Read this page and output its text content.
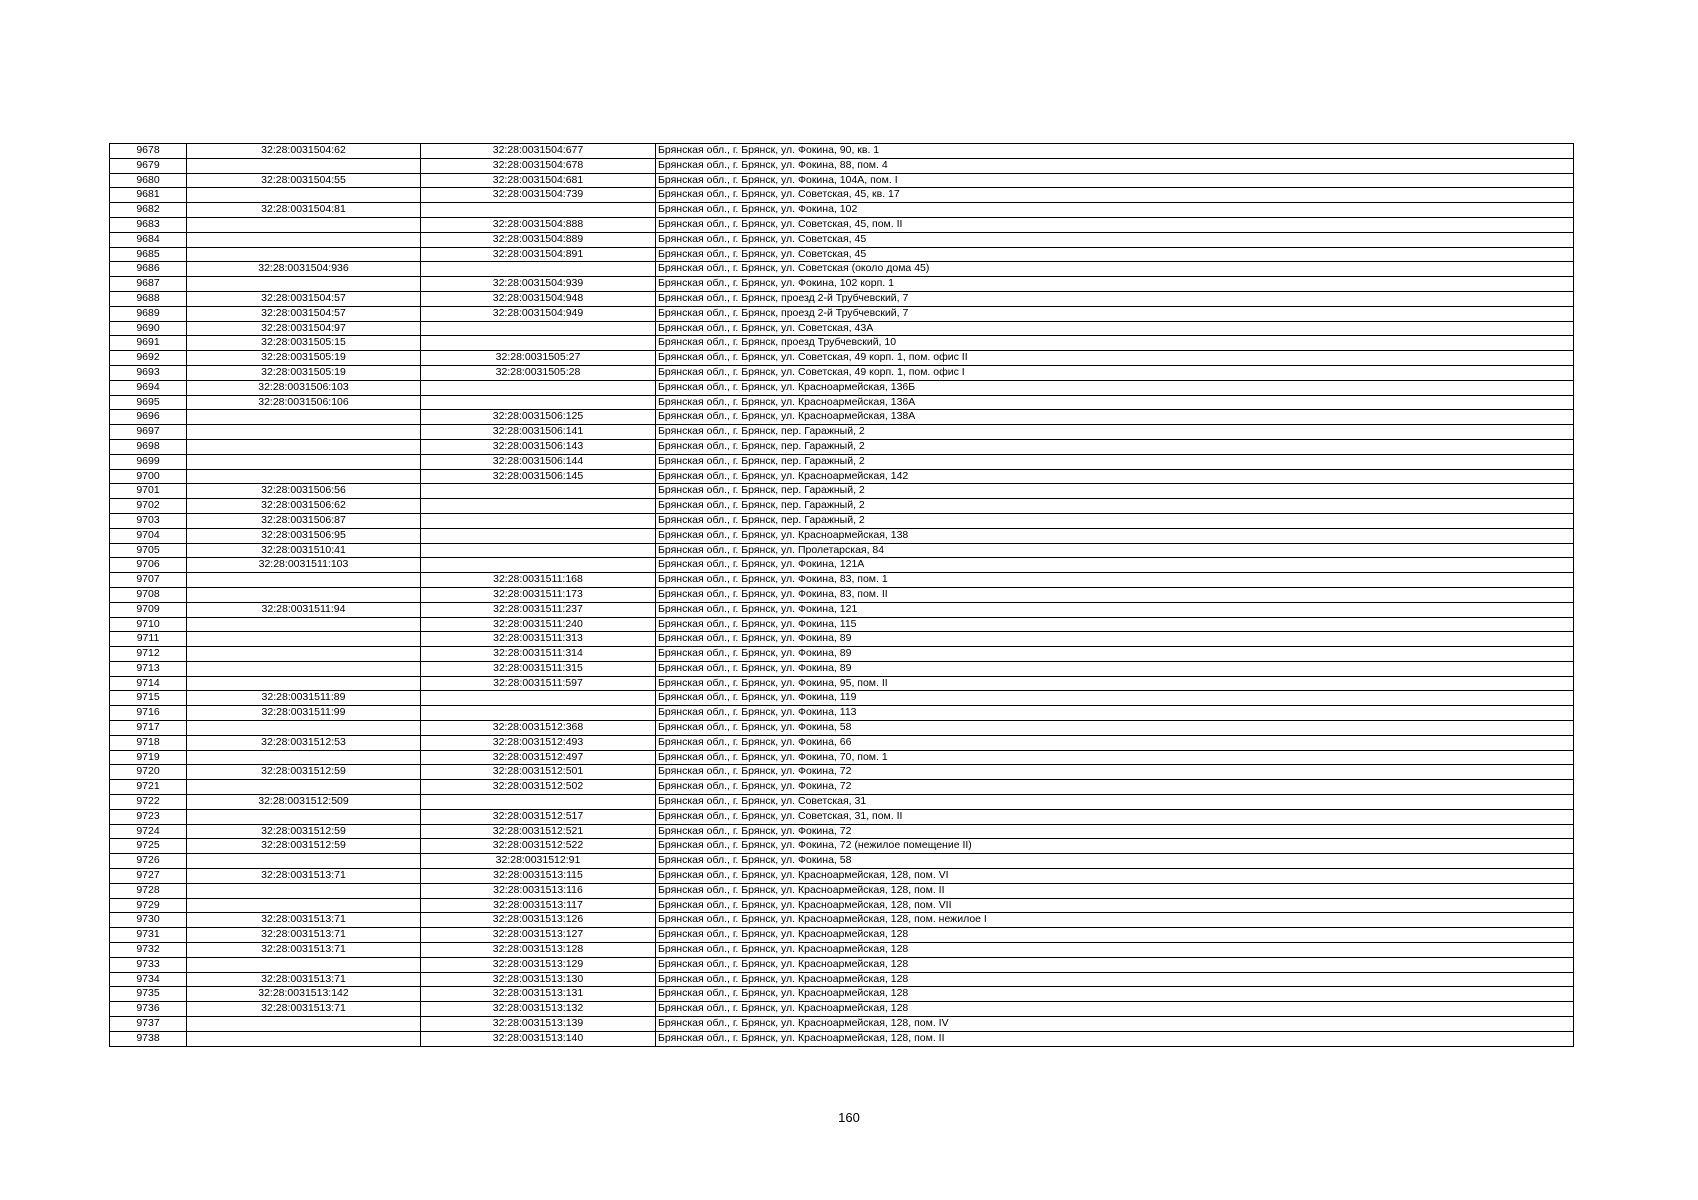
9678	32:28:0031504:62	32:28:0031504:677	Брянская обл., г. Брянск, ул. Фокина, 90, кв. 1
9679		32:28:0031504:678	Брянская обл., г. Брянск, ул. Фокина, 88, пом. 4
9680	32:28:0031504:55	32:28:0031504:681	Брянская обл., г. Брянск, ул. Фокина, 104А, пом. I
9681		32:28:0031504:739	Брянская обл., г. Брянск, ул. Советская, 45, кв. 17
9682	32:28:0031504:81		Брянская обл., г. Брянск, ул. Фокина, 102
9683		32:28:0031504:888	Брянская обл., г. Брянск, ул. Советская, 45, пом. II
9684		32:28:0031504:889	Брянская обл., г. Брянск, ул. Советская, 45
9685		32:28:0031504:891	Брянская обл., г. Брянск, ул. Советская, 45
9686	32:28:0031504:936		Брянская обл., г. Брянск, ул. Советская (около дома 45)
9687		32:28:0031504:939	Брянская обл., г. Брянск, ул. Фокина, 102 корп. 1
9688	32:28:0031504:57	32:28:0031504:948	Брянская обл., г. Брянск, проезд 2-й Трубчевский, 7
9689	32:28:0031504:57	32:28:0031504:949	Брянская обл., г. Брянск, проезд 2-й Трубчевский, 7
9690	32:28:0031504:97		Брянская обл., г. Брянск, ул. Советская, 43А
9691	32:28:0031505:15		Брянская обл., г. Брянск, проезд Трубчевский, 10
9692	32:28:0031505:19	32:28:0031505:27	Брянская обл., г. Брянск, ул. Советская, 49 корп. 1, пом. офис II
9693	32:28:0031505:19	32:28:0031505:28	Брянская обл., г. Брянск, ул. Советская, 49 корп. 1, пом. офис I
9694	32:28:0031506:103		Брянская обл., г. Брянск, ул. Красноармейская, 136Б
9695	32:28:0031506:106		Брянская обл., г. Брянск, ул. Красноармейская, 136А
9696		32:28:0031506:125	Брянская обл., г. Брянск, ул. Красноармейская, 138А
9697		32:28:0031506:141	Брянская обл., г. Брянск, пер. Гаражный, 2
9698		32:28:0031506:143	Брянская обл., г. Брянск, пер. Гаражный, 2
9699		32:28:0031506:144	Брянская обл., г. Брянск, пер. Гаражный, 2
9700		32:28:0031506:145	Брянская обл., г. Брянск, ул. Красноармейская, 142
9701	32:28:0031506:56		Брянская обл., г. Брянск, пер. Гаражный, 2
9702	32:28:0031506:62		Брянская обл., г. Брянск, пер. Гаражный, 2
9703	32:28:0031506:87		Брянская обл., г. Брянск, пер. Гаражный, 2
9704	32:28:0031506:95		Брянская обл., г. Брянск, ул. Красноармейская, 138
9705	32:28:0031510:41		Брянская обл., г. Брянск, ул. Пролетарская, 84
9706	32:28:0031511:103		Брянская обл., г. Брянск, ул. Фокина, 121А
9707		32:28:0031511:168	Брянская обл., г. Брянск, ул. Фокина, 83, пом. 1
9708		32:28:0031511:173	Брянская обл., г. Брянск, ул. Фокина, 83, пом. II
9709	32:28:0031511:94	32:28:0031511:237	Брянская обл., г. Брянск, ул. Фокина, 121
9710		32:28:0031511:240	Брянская обл., г. Брянск, ул. Фокина, 115
9711		32:28:0031511:313	Брянская обл., г. Брянск, ул. Фокина, 89
9712		32:28:0031511:314	Брянская обл., г. Брянск, ул. Фокина, 89
9713		32:28:0031511:315	Брянская обл., г. Брянск, ул. Фокина, 89
9714		32:28:0031511:597	Брянская обл., г. Брянск, ул. Фокина, 95, пом. II
9715	32:28:0031511:89		Брянская обл., г. Брянск, ул. Фокина, 119
9716	32:28:0031511:99		Брянская обл., г. Брянск, ул. Фокина, 113
9717		32:28:0031512:368	Брянская обл., г. Брянск, ул. Фокина, 58
9718	32:28:0031512:53	32:28:0031512:493	Брянская обл., г. Брянск, ул. Фокина, 66
9719		32:28:0031512:497	Брянская обл., г. Брянск, ул. Фокина, 70, пом. 1
9720	32:28:0031512:59	32:28:0031512:501	Брянская обл., г. Брянск, ул. Фокина, 72
9721		32:28:0031512:502	Брянская обл., г. Брянск, ул. Фокина, 72
9722	32:28:0031512:509		Брянская обл., г. Брянск, ул. Советская, 31
9723		32:28:0031512:517	Брянская обл., г. Брянск, ул. Советская, 31, пом. II
9724	32:28:0031512:59	32:28:0031512:521	Брянская обл., г. Брянск, ул. Фокина, 72
9725	32:28:0031512:59	32:28:0031512:522	Брянская обл., г. Брянск, ул. Фокина, 72 (нежилое помещение II)
9726		32:28:0031512:91	Брянская обл., г. Брянск, ул. Фокина, 58
9727	32:28:0031513:71	32:28:0031513:115	Брянская обл., г. Брянск, ул. Красноармейская, 128, пом. VI
9728		32:28:0031513:116	Брянская обл., г. Брянск, ул. Красноармейская, 128, пом. II
9729		32:28:0031513:117	Брянская обл., г. Брянск, ул. Красноармейская, 128, пом. VII
9730	32:28:0031513:71	32:28:0031513:126	Брянская обл., г. Брянск, ул. Красноармейская, 128, пом. нежилое I
9731	32:28:0031513:71	32:28:0031513:127	Брянская обл., г. Брянск, ул. Красноармейская, 128
9732	32:28:0031513:71	32:28:0031513:128	Брянская обл., г. Брянск, ул. Красноармейская, 128
9733		32:28:0031513:129	Брянская обл., г. Брянск, ул. Красноармейская, 128
9734	32:28:0031513:71	32:28:0031513:130	Брянская обл., г. Брянск, ул. Красноармейская, 128
9735	32:28:0031513:142	32:28:0031513:131	Брянская обл., г. Брянск, ул. Красноармейская, 128
9736	32:28:0031513:71	32:28:0031513:132	Брянская обл., г. Брянск, ул. Красноармейская, 128
9737		32:28:0031513:139	Брянская обл., г. Брянск, ул. Красноармейская, 128, пом. IV
9738		32:28:0031513:140	Брянская обл., г. Брянск, ул. Красноармейская, 128, пом. II
160
